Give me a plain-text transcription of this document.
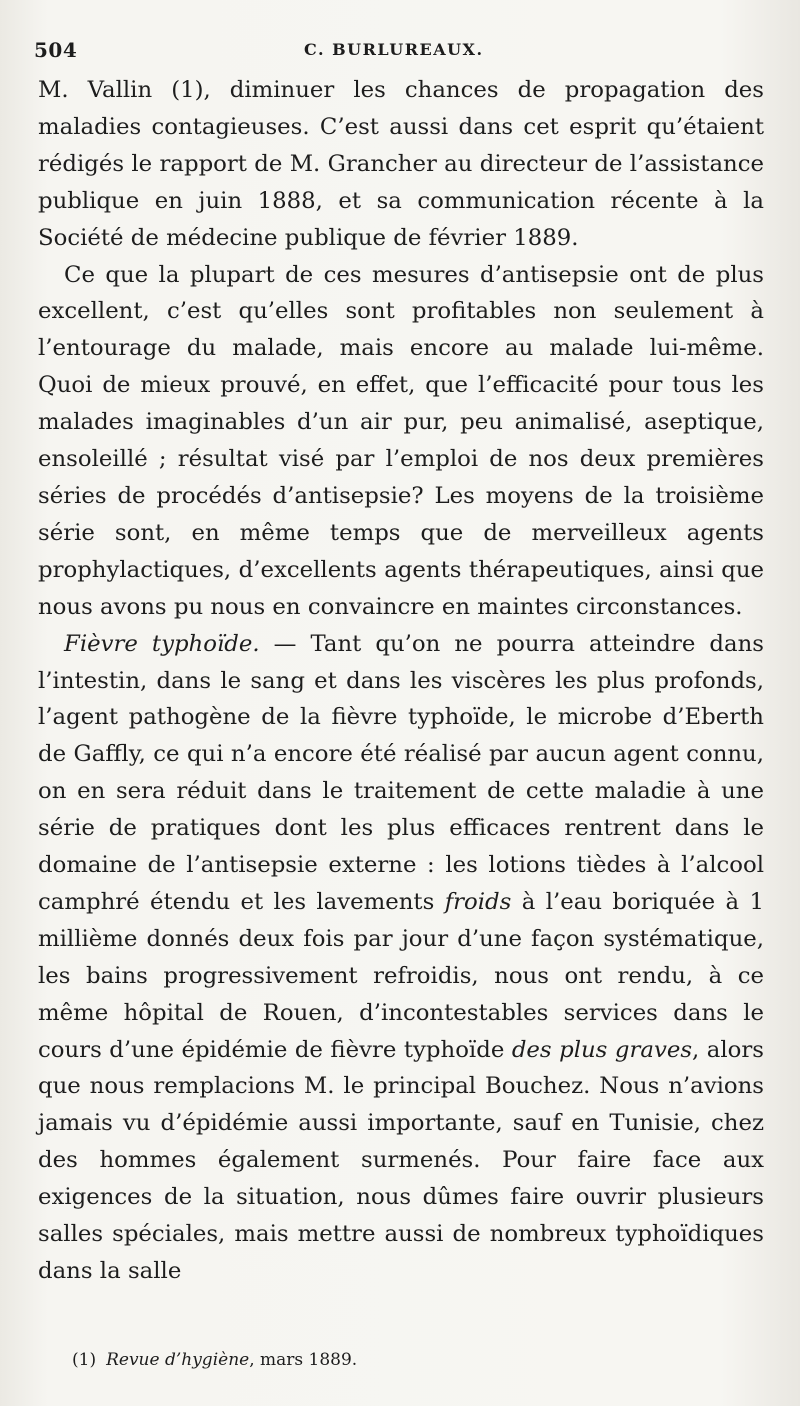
504	C. BURLUREAUX.

M. Vallin (1), diminuer les chances de propagation des maladies contagieuses. C’est aussi dans cet esprit qu’étaient rédigés le rapport de M. Grancher au directeur de l’assistance publique en juin 1888, et sa communication récente à la Société de médecine publique de février 1889.

Ce que la plupart de ces mesures d’antisepsie ont de plus excellent, c’est qu’elles sont profitables non seulement à l’entourage du malade, mais encore au malade lui-même. Quoi de mieux prouvé, en effet, que l’efficacité pour tous les malades imaginables d’un air pur, peu animalisé, aseptique, ensoleillé ; résultat visé par l’emploi de nos deux premières séries de procédés d’antisepsie? Les moyens de la troisième série sont, en même temps que de merveilleux agents prophylactiques, d’excellents agents thérapeutiques, ainsi que nous avons pu nous en convaincre en maintes circonstances.

Fièvre typhoïde. — Tant qu’on ne pourra atteindre dans l’intestin, dans le sang et dans les viscères les plus profonds, l’agent pathogène de la fièvre typhoïde, le microbe d’Eberth de Gaffly, ce qui n’a encore été réalisé par aucun agent connu, on en sera réduit dans le traitement de cette maladie à une série de pratiques dont les plus efficaces rentrent dans le domaine de l’antisepsie externe : les lotions tièdes à l’alcool camphré étendu et les lavements froids à l’eau boriquée à 1 millième donnés deux fois par jour d’une façon systématique, les bains progressivement refroidis, nous ont rendu, à ce même hôpital de Rouen, d’incontestables services dans le cours d’une épidémie de fièvre typhoïde des plus graves, alors que nous remplacions M. le principal Bouchez. Nous n’avions jamais vu d’épidémie aussi importante, sauf en Tunisie, chez des hommes également surmenés. Pour faire face aux exigences de la situation, nous dûmes faire ouvrir plusieurs salles spéciales, mais mettre aussi de nombreux typhoïdiques dans la salle

(1) Revue d’hygiène, mars 1889.
